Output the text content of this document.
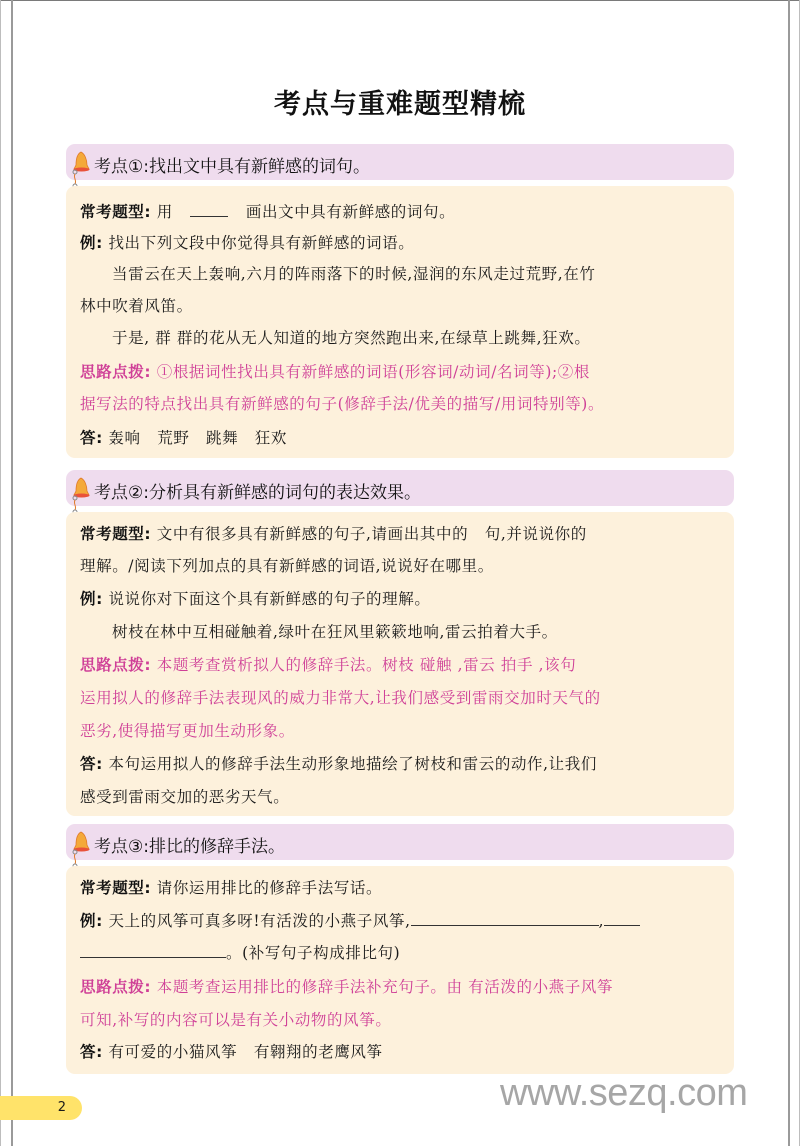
考点与重难题型精梳
考点①:找出文中具有新鲜感的词句。
常考题型: 用	画出文中具有新鲜感的词句。
例: 找出下列文段中你觉得具有新鲜感的词语。
当雷云在天上轰响,六月的阵雨落下的时候,湿润的东风走过荒野,在竹
林中吹着风笛。
于是, 群 群的花从无人知道的地方突然跑出来,在绿草上跳舞,狂欢。
思路点拨: ①根据词性找出具有新鲜感的词语(形容词/动词/名词等);②根
据写法的特点找出具有新鲜感的句子(修辞手法/优美的描写/用词特别等)。
答: 轰响   荒野   跳舞   狂欢
考点②:分析具有新鲜感的词句的表达效果。
常考题型: 文中有很多具有新鲜感的句子,请画出其中的   句,并说说你的
理解。/阅读下列加点的具有新鲜感的词语,说说好在哪里。
例: 说说你对下面这个具有新鲜感的句子的理解。
树枝在林中互相碰触着,绿叶在狂风里簌簌地响,雷云拍着大手。
思路点拨: 本题考查赏析拟人的修辞手法。树枝 碰触 ,雷云 拍手 ,该句
运用拟人的修辞手法表现风的威力非常大,让我们感受到雷雨交加时天气的
恶劣,使得描写更加生动形象。
答: 本句运用拟人的修辞手法生动形象地描绘了树枝和雷云的动作,让我们
感受到雷雨交加的恶劣天气。
考点③:排比的修辞手法。
常考题型: 请你运用排比的修辞手法写话。
例: 天上的风筝可真多呀!有活泼的小燕子风筝,	,
。(补写句子构成排比句)
思路点拨: 本题考查运用排比的修辞手法补充句子。由 有活泼的小燕子风筝
可知,补写的内容可以是有关小动物的风筝。
答: 有可爱的小猫风筝   有翱翔的老鹰风筝
2	www.sezq.com
